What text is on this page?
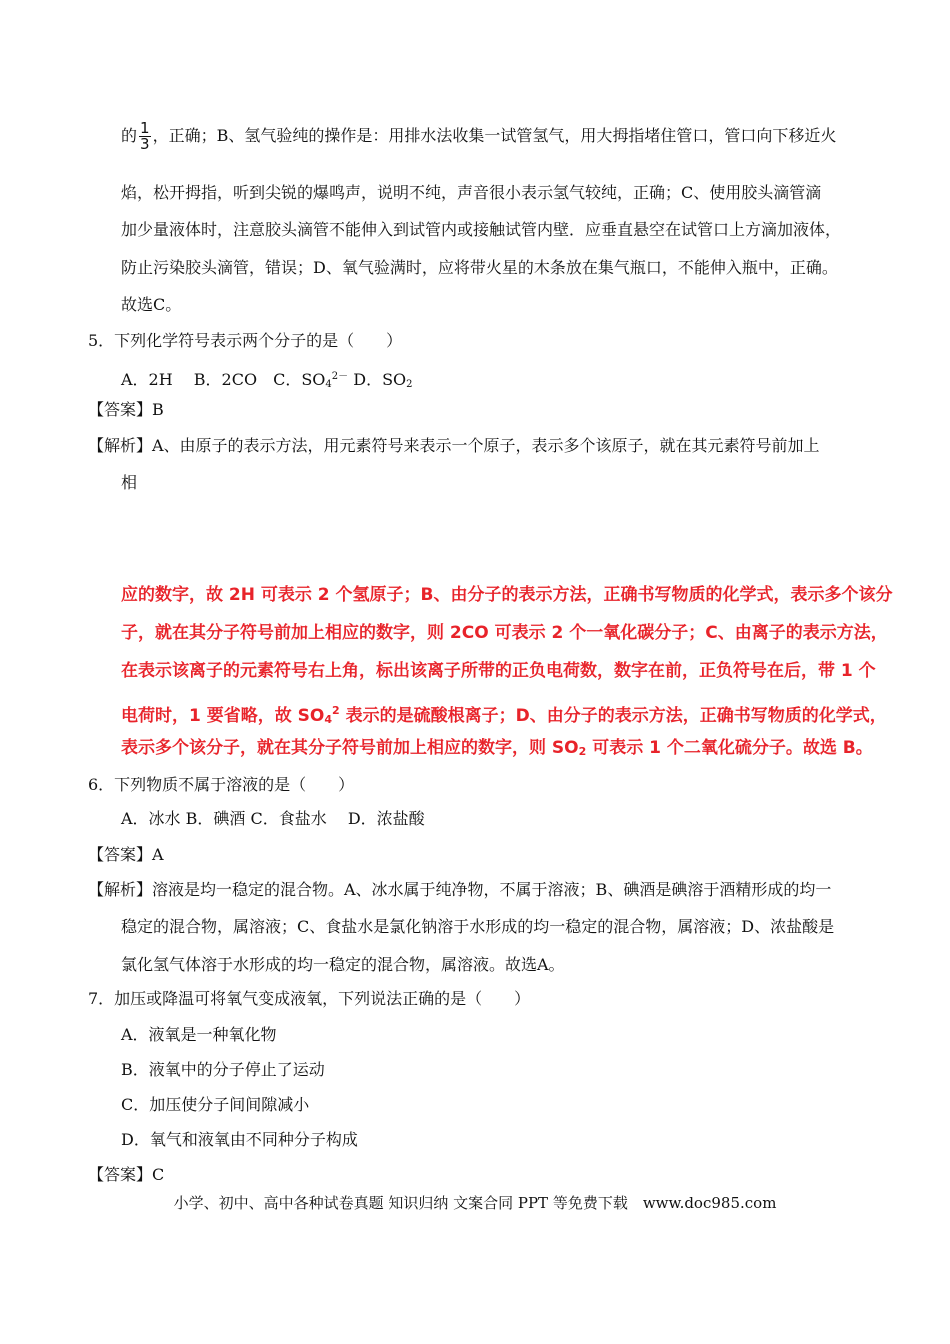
的 $\frac{1}{3}$ ，正确；B、氢气验纯的操作是：用排水法收集一试管氢气，用大拇指堵住管口，管口向下移近火
焰，松开拇指，听到尖锐的爆鸣声，说明不纯，声音很小表示氢气较纯，正确；C、使用胶头滴管滴
加少量液体时，注意胶头滴管不能伸入到试管内或接触试管内壁．应垂直悬空在试管口上方滴加液体，
防止污染胶头滴管，错误；D、氧气验满时，应将带火星的木条放在集气瓶口，不能伸入瓶中，正确。
故选C。
5．下列化学符号表示两个分子的是（　　）
A．2H　 B．2CO　C．$SO_4^{2-}$ D．$SO_2$
【答案】B
【解析】A、由原子的表示方法，用元素符号来表示一个原子，表示多个该原子，就在其元素符号前加上
相
应的数字，故 2H 可表示 2 个氢原子；B、由分子的表示方法，正确书写物质的化学式，表示多个该分
子，就在其分子符号前加上相应的数字，则 2CO 可表示 2 个一氧化碳分子；C、由离子的表示方法，
在表示该离子的元素符号右上角，标出该离子所带的正负电荷数，数字在前，正负符号在后，带 1 个
电荷时，1 要省略，故 $SO4^2$ 表示的是硫酸根离子；D、由分子的表示方法，正确书写物质的化学式，
表示多个该分子，就在其分子符号前加上相应的数字，则 SO2 可表示 1 个二氧化硫分子。故选 B。
6．下列物质不属于溶液的是（　　）
A．冰水 B．碘酒 C．食盐水　 D．浓盐酸
【答案】A
【解析】溶液是均一稳定的混合物。A、冰水属于纯净物，不属于溶液；B、碘酒是碘溶于酒精形成的均一
稳定的混合物，属溶液；C、食盐水是氯化钠溶于水形成的均一稳定的混合物，属溶液；D、浓盐酸是
氯化氢气体溶于水形成的均一稳定的混合物，属溶液。故选A。
7．加压或降温可将氧气变成液氧，下列说法正确的是（　　）
A．液氧是一种氧化物
B．液氧中的分子停止了运动
C．加压使分子间间隙减小
D．氧气和液氧由不同种分子构成
【答案】C
小学、初中、高中各种试卷真题 知识归纳 文案合同 PPT 等免费下载　www.doc985.com
